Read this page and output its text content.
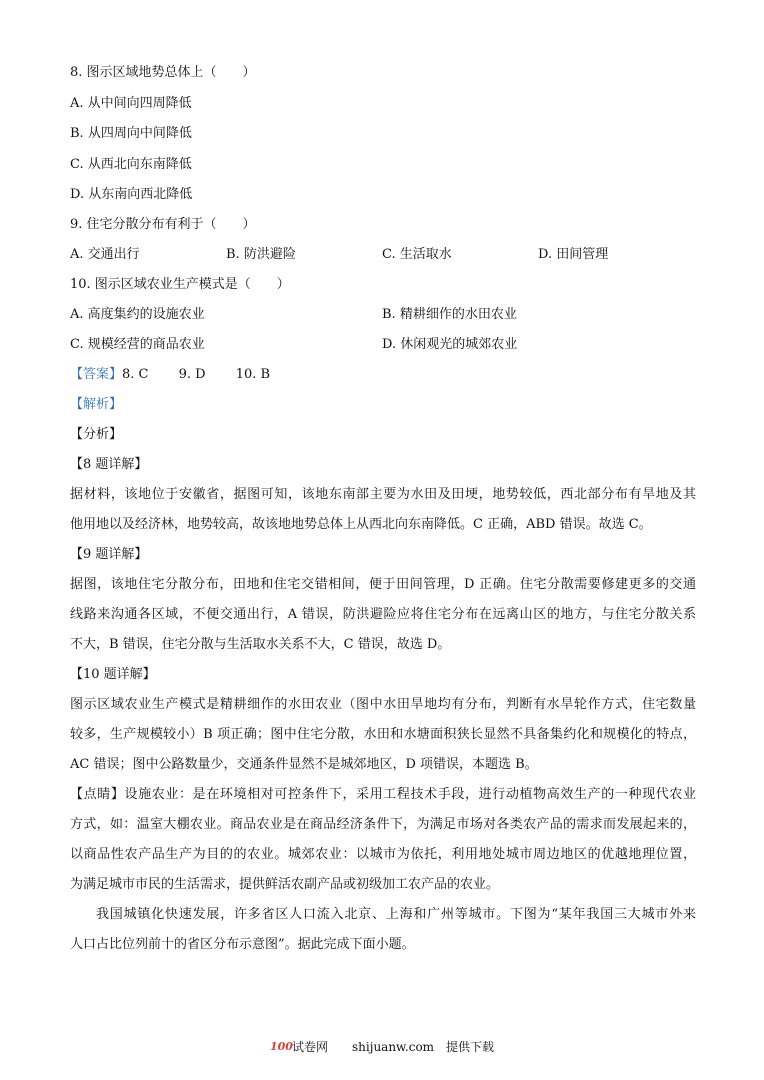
8. 图示区域地势总体上（　　）
A. 从中间向四周降低
B. 从四周向中间降低
C. 从西北向东南降低
D. 从东南向西北降低
9. 住宅分散分布有利于（　　）
A. 交通出行	B. 防洪避险	C. 生活取水	D. 田间管理
10. 图示区域农业生产模式是（　　）
A. 高度集约的设施农业	B. 精耕细作的水田农业
C. 规模经营的商品农业	D. 休闲观光的城郊农业
【答案】8. C　　 9. D　　 10. B
【解析】
【分析】
【8 题详解】
据材料，该地位于安徽省，据图可知，该地东南部主要为水田及田埂，地势较低，西北部分布有旱地及其
他用地以及经济林，地势较高，故该地地势总体上从西北向东南降低。C 正确，ABD 错误。故选 C。
【9 题详解】
据图，该地住宅分散分布，田地和住宅交错相间，便于田间管理，D 正确。住宅分散需要修建更多的交通
线路来沟通各区域，不便交通出行，A 错误，防洪避险应将住宅分布在远离山区的地方，与住宅分散关系
不大，B 错误，住宅分散与生活取水关系不大，C 错误，故选 D。
【10 题详解】
图示区域农业生产模式是精耕细作的水田农业（图中水田旱地均有分布，判断有水旱轮作方式，住宅数量
较多，生产规模较小）B 项正确；图中住宅分散，水田和水塘面积狭长显然不具备集约化和规模化的特点，
AC 错误；图中公路数量少，交通条件显然不是城郊地区，D 项错误，本题选 B。
【点睛】设施农业：是在环境相对可控条件下，采用工程技术手段，进行动植物高效生产的一种现代农业
方式，如：温室大棚农业。商品农业是在商品经济条件下，为满足市场对各类农产品的需求而发展起来的，
以商品性农产品生产为目的的农业。城郊农业：以城市为依托，利用地处城市周边地区的优越地理位置，
为满足城市市民的生活需求，提供鲜活农副产品或初级加工农产品的农业。
我国城镇化快速发展，许多省区人口流入北京、上海和广州等城市。下图为“某年我国三大城市外来
人口占比位列前十的省区分布示意图”。据此完成下面小题。
100 试卷网 shijuanw.com 提供下载
